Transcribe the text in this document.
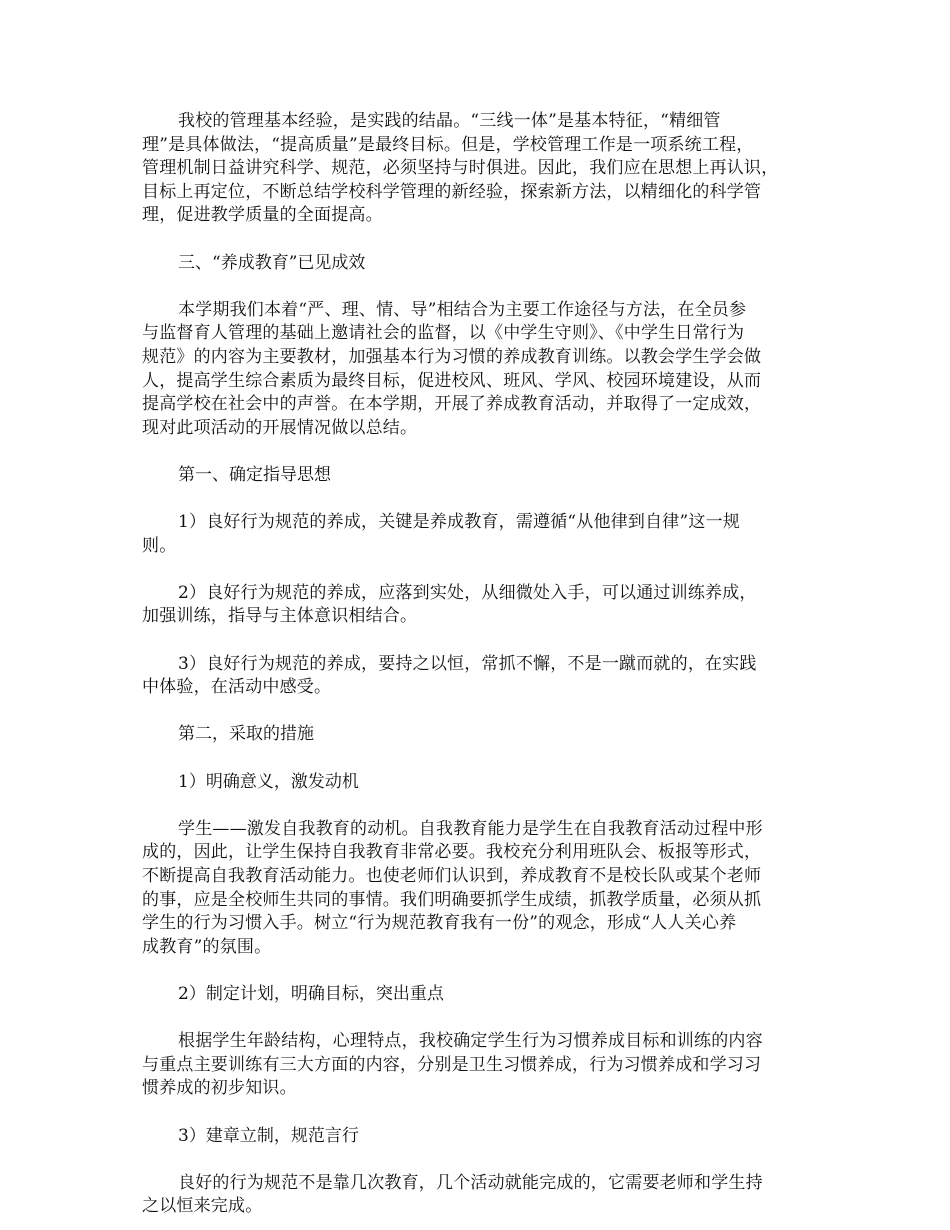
我校的管理基本经验，是实践的结晶。“三线一体”是基本特征，“精细管
理”是具体做法，“提高质量”是最终目标。但是，学校管理工作是一项系统工程，
管理机制日益讲究科学、规范，必须坚持与时俱进。因此，我们应在思想上再认识，
目标上再定位，不断总结学校科学管理的新经验，探索新方法，以精细化的科学管
理，促进教学质量的全面提高。

三、“养成教育”已见成效

本学期我们本着“严、理、情、导”相结合为主要工作途径与方法，在全员参
与监督育人管理的基础上邀请社会的监督，以《中学生守则》、《中学生日常行为
规范》的内容为主要教材，加强基本行为习惯的养成教育训练。以教会学生学会做
人，提高学生综合素质为最终目标，促进校风、班风、学风、校园环境建设，从而
提高学校在社会中的声誉。在本学期，开展了养成教育活动，并取得了一定成效，
现对此项活动的开展情况做以总结。

第一、确定指导思想

1）良好行为规范的养成，关键是养成教育，需遵循“从他律到自律”这一规
则。

2）良好行为规范的养成，应落到实处，从细微处入手，可以通过训练养成，
加强训练，指导与主体意识相结合。

3）良好行为规范的养成，要持之以恒，常抓不懈，不是一蹴而就的，在实践
中体验，在活动中感受。

第二，采取的措施

1）明确意义，激发动机

学生——激发自我教育的动机。自我教育能力是学生在自我教育活动过程中形
成的，因此，让学生保持自我教育非常必要。我校充分利用班队会、板报等形式，
不断提高自我教育活动能力。也使老师们认识到，养成教育不是校长队或某个老师
的事，应是全校师生共同的事情。我们明确要抓学生成绩，抓教学质量，必须从抓
学生的行为习惯入手。树立“行为规范教育我有一份”的观念，形成“人人关心养
成教育”的氛围。

2）制定计划，明确目标，突出重点

根据学生年龄结构，心理特点，我校确定学生行为习惯养成目标和训练的内容
与重点主要训练有三大方面的内容，分别是卫生习惯养成，行为习惯养成和学习习
惯养成的初步知识。

3）建章立制，规范言行

良好的行为规范不是靠几次教育，几个活动就能完成的，它需要老师和学生持
之以恒来完成。
